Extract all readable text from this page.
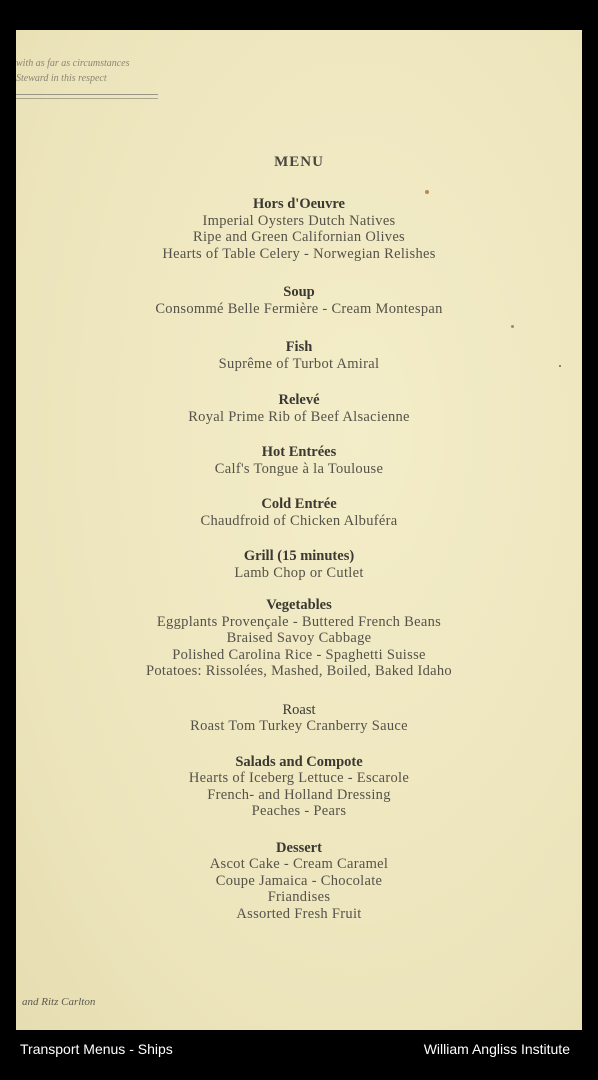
with as far as circumstances
Steward in this respect
MENU
Hors d'Oeuvre
Imperial Oysters Dutch Natives
Ripe and Green Californian Olives
Hearts of Table Celery - Norwegian Relishes
Soup
Consommé Belle Fermière - Cream Montespan
Fish
Suprême of Turbot Amiral
Relevé
Royal Prime Rib of Beef Alsacienne
Hot Entrées
Calf's Tongue à la Toulouse
Cold Entrée
Chaudfroid of Chicken Albuféra
Grill (15 minutes)
Lamb Chop or Cutlet
Vegetables
Eggplants Provençale - Buttered French Beans
Braised Savoy Cabbage
Polished Carolina Rice - Spaghetti Suisse
Potatoes: Rissolées, Mashed, Boiled, Baked Idaho
Roast
Roast Tom Turkey Cranberry Sauce
Salads and Compote
Hearts of Iceberg Lettuce - Escarole
French- and Holland Dressing
Peaches - Pears
Dessert
Ascot Cake - Cream Caramel
Coupe Jamaica - Chocolate
Friandises
Assorted Fresh Fruit
and Ritz Carlton
Transport Menus - Ships	William Angliss Institute
